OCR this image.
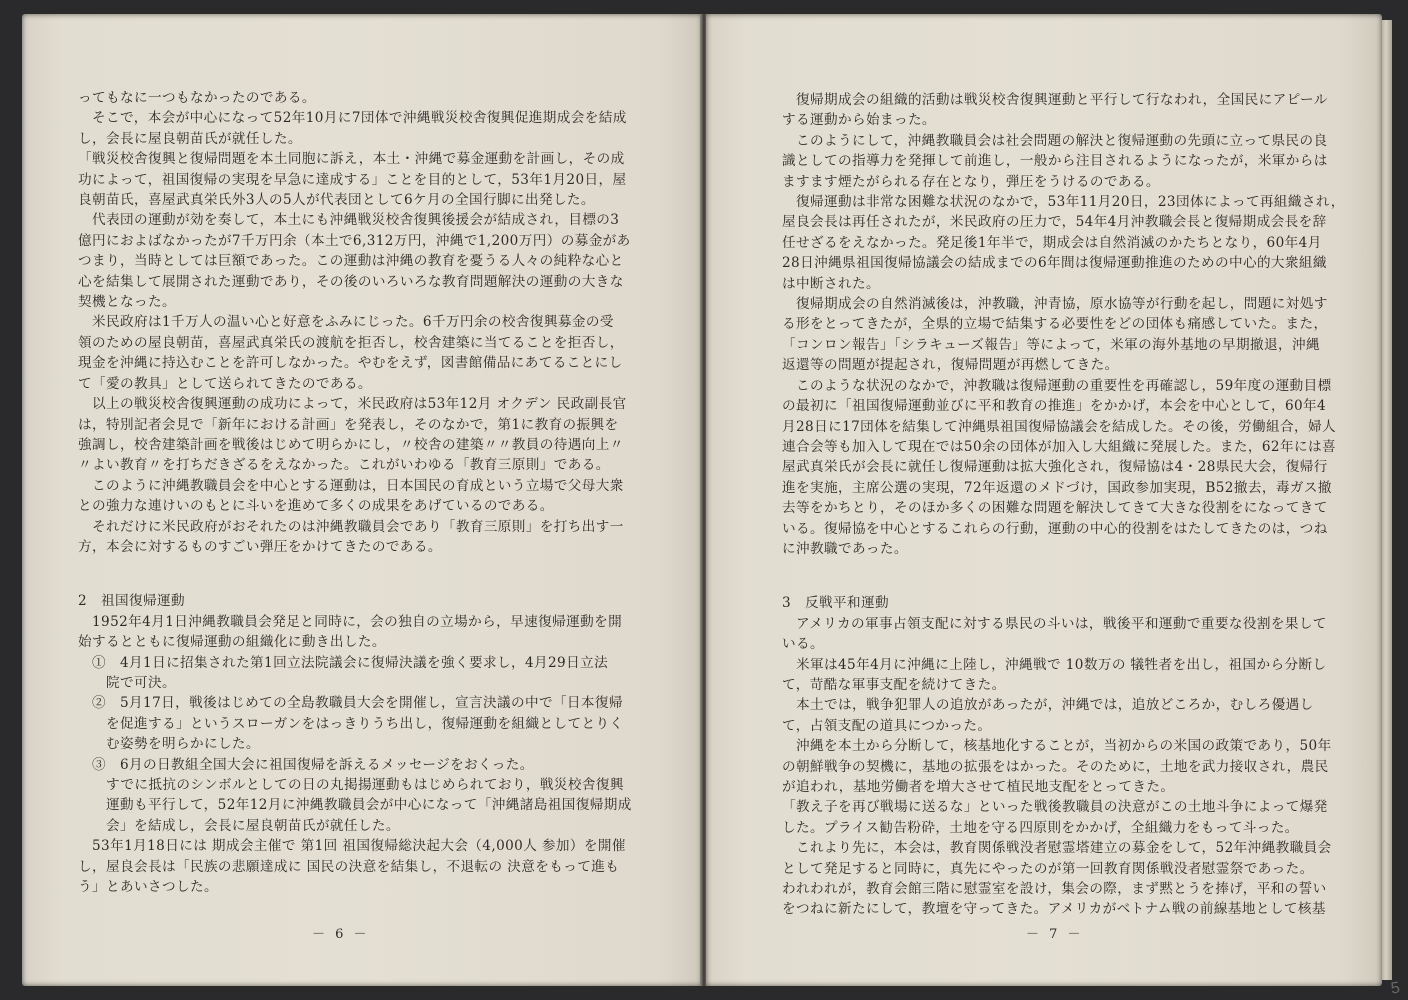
ってもなに一つもなかったのである。

　そこで，本会が中心になって52年10月に7団体で沖縄戦災校舎復興促進期成会を結成

し，会長に屋良朝苗氏が就任した。

「戦災校舎復興と復帰問題を本土同胞に訴え，本土・沖縄で募金運動を計画し，その成

功によって，祖国復帰の実現を早急に達成する」ことを目的として，53年1月20日，屋

良朝苗氏，喜屋武真栄氏外3人の5人が代表団として6ケ月の全国行脚に出発した。

　代表団の運動が効を奏して，本土にも沖縄戦災校舎復興後援会が結成され，目標の3

億円におよばなかったが7千万円余（本土で6,312万円，沖縄で1,200万円）の募金があ

つまり，当時としては巨額であった。この運動は沖縄の教育を憂うる人々の純粋な心と

心を結集して展開された運動であり，その後のいろいろな教育問題解決の運動の大きな

契機となった。

　米民政府は1千万人の温い心と好意をふみにじった。6千万円余の校舎復興募金の受

領のための屋良朝苗，喜屋武真栄氏の渡航を拒否し，校舎建築に当てることを拒否し，

現金を沖縄に持込むことを許可しなかった。やむをえず，図書館備品にあてることにし

て「愛の教具」として送られてきたのである。

　以上の戦災校舎復興運動の成功によって，米民政府は53年12月 オクデン 民政副長官

は，特別記者会見で「新年における計画」を発表し，そのなかで，第1に教育の振興を

強調し，校舎建築計画を戦後はじめて明らかにし，〃校舎の建築〃〃教員の待遇向上〃

〃よい教育〃を打ちだきざるをえなかった。これがいわゆる「教育三原則」である。

　このように沖縄教職員会を中心とする運動は，日本国民の育成という立場で父母大衆

との強力な連けいのもとに斗いを進めて多くの成果をあげているのである。

　それだけに米民政府がおそれたのは沖縄教職員会であり「教育三原則」を打ち出す一

方，本会に対するものすごい弾圧をかけてきたのである。

2　祖国復帰運動

　1952年4月1日沖縄教職員会発足と同時に，会の独自の立場から，早速復帰運動を開

始するとともに復帰運動の組織化に動き出した。

　①　4月1日に招集された第1回立法院議会に復帰決議を強く要求し，4月29日立法

　　院で可決。

　②　5月17日，戦後はじめての全島教職員大会を開催し，宣言決議の中で「日本復帰

　　を促進する」というスローガンをはっきりうち出し，復帰運動を組織としてとりく

　　む姿勢を明らかにした。

　③　6月の日教組全国大会に祖国復帰を訴えるメッセージをおくった。

　　すでに抵抗のシンボルとしての日の丸掲揚運動もはじめられており，戦災校舎復興

　　運動も平行して，52年12月に沖縄教職員会が中心になって「沖縄諸島祖国復帰期成

　　会」を結成し，会長に屋良朝苗氏が就任した。

　53年1月18日には 期成会主催で 第1回 祖国復帰総決起大会（4,000人 参加）を開催

し，屋良会長は「民族の悲願達成に 国民の決意を結集し，不退転の 決意をもって進も

う」とあいさつした。

－ 6 －

　復帰期成会の組織的活動は戦災校舎復興運動と平行して行なわれ，全国民にアピール

する運動から始まった。

　このようにして，沖縄教職員会は社会問題の解決と復帰運動の先頭に立って県民の良

識としての指導力を発揮して前進し，一般から注目されるようになったが，米軍からは

ますます煙たがられる存在となり，弾圧をうけるのである。

　復帰運動は非常な困難な状況のなかで，53年11月20日，23団体によって再組織され，

屋良会長は再任されたが，米民政府の圧力で，54年4月沖教職会長と復帰期成会長を辞

任せざるをえなかった。発足後1年半で，期成会は自然消滅のかたちとなり，60年4月

28日沖縄県祖国復帰協議会の結成までの6年間は復帰運動推進のための中心的大衆組織

は中断された。

　復帰期成会の自然消滅後は，沖教職，沖青協，原水協等が行動を起し，問題に対処す

る形をとってきたが，全県的立場で結集する必要性をどの団体も痛感していた。また，

「コンロン報告」「シラキューズ報告」等によって，米軍の海外基地の早期撤退，沖縄

返還等の問題が提起され，復帰問題が再燃してきた。

　このような状況のなかで，沖教職は復帰運動の重要性を再確認し，59年度の運動目標

の最初に「祖国復帰運動並びに平和教育の推進」をかかげ，本会を中心として，60年4

月28日に17団体を結集して沖縄県祖国復帰協議会を結成した。その後，労働組合，婦人

連合会等も加入して現在では50余の団体が加入し大組織に発展した。また，62年には喜

屋武真栄氏が会長に就任し復帰運動は拡大強化され，復帰協は4・28県民大会，復帰行

進を実施，主席公選の実現，72年返還のメドづけ，国政参加実現，B52撤去，毒ガス撤

去等をかちとり，そのほか多くの困難な問題を解決してきて大きな役割をになってきて

いる。復帰協を中心とするこれらの行動，運動の中心的役割をはたしてきたのは，つね

に沖教職であった。

3　反戦平和運動

　アメリカの軍事占領支配に対する県民の斗いは，戦後平和運動で重要な役割を果して

いる。

　米軍は45年4月に沖縄に上陸し，沖縄戦で 10数万の 犠牲者を出し，祖国から分断し

て，苛酷な軍事支配を続けてきた。

　本土では，戦争犯罪人の追放があったが，沖縄では，追放どころか，むしろ優遇し

て，占領支配の道具につかった。

　沖縄を本土から分断して，核基地化することが，当初からの米国の政策であり，50年

の朝鮮戦争の契機に，基地の拡張をはかった。そのために，土地を武力接収され，農民

が追われ，基地労働者を増大させて植民地支配をとってきた。

「教え子を再び戦場に送るな」といった戦後教職員の決意がこの土地斗争によって爆発

した。プライス勧告粉砕，土地を守る四原則をかかげ，全組織力をもって斗った。

　これより先に，本会は，教育関係戦没者慰霊塔建立の募金をして，52年沖縄教職員会

として発足すると同時に，真先にやったのが第一回教育関係戦没者慰霊祭であった。

われわれが，教育会館三階に慰霊室を設け，集会の際，まず黙とうを捧げ，平和の誓い

をつねに新たにして，教壇を守ってきた。アメリカがベトナム戦の前線基地として核基

－ 7 －
5
